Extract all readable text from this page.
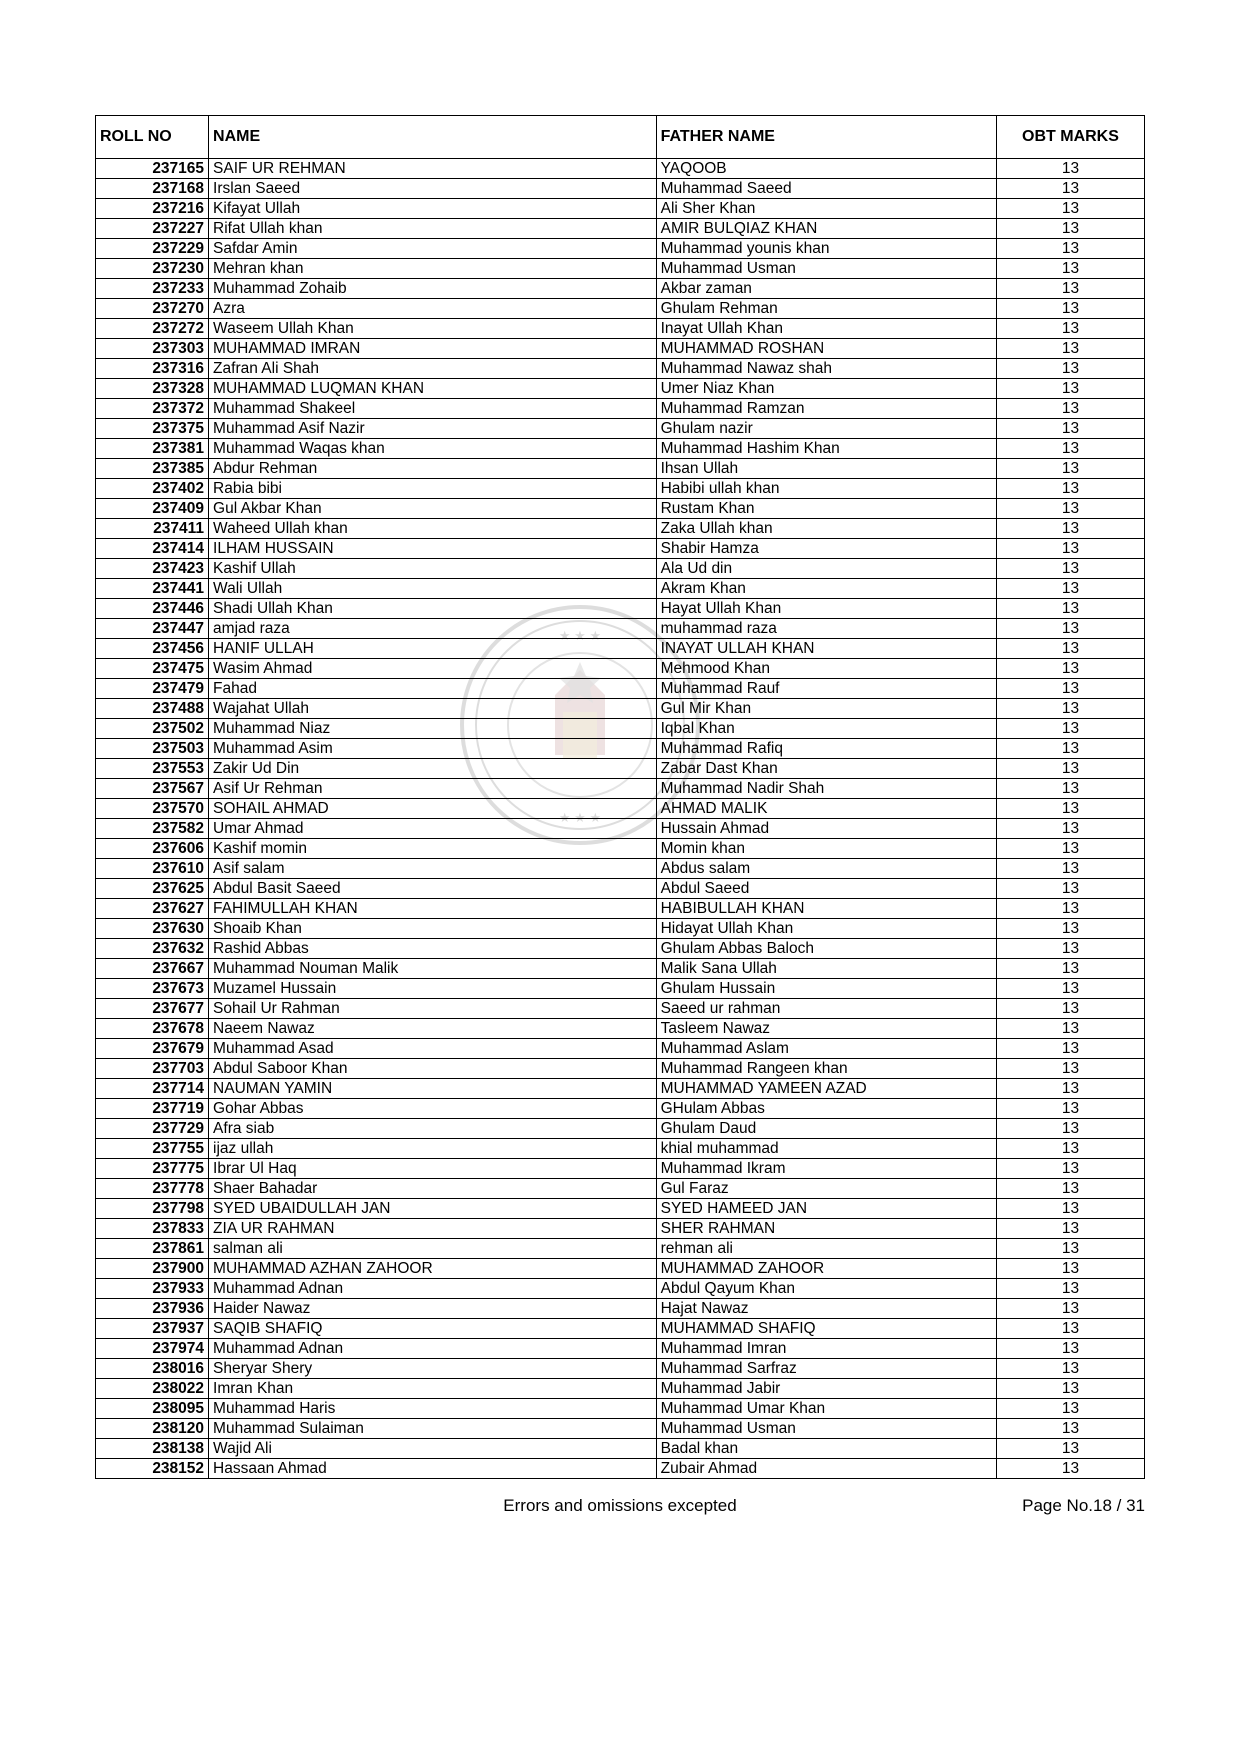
★ ★ ★
★ ★ ★
ROLL NO	NAME	FATHER NAME	OBT MARKS
237165	SAIF UR REHMAN	YAQOOB	13
237168	Irslan Saeed	Muhammad Saeed	13
237216	Kifayat Ullah	Ali Sher Khan	13
237227	Rifat Ullah khan	AMIR BULQIAZ KHAN	13
237229	Safdar Amin	Muhammad younis khan	13
237230	Mehran khan	Muhammad Usman	13
237233	Muhammad Zohaib	Akbar zaman	13
237270	Azra	Ghulam Rehman	13
237272	Waseem Ullah Khan	Inayat Ullah Khan	13
237303	MUHAMMAD IMRAN	MUHAMMAD ROSHAN	13
237316	Zafran Ali Shah	Muhammad Nawaz shah	13
237328	MUHAMMAD LUQMAN KHAN	Umer Niaz Khan	13
237372	Muhammad Shakeel	Muhammad Ramzan	13
237375	Muhammad Asif Nazir	Ghulam nazir	13
237381	Muhammad Waqas khan	Muhammad Hashim Khan	13
237385	Abdur Rehman	Ihsan Ullah	13
237402	Rabia bibi	Habibi ullah khan	13
237409	Gul Akbar Khan	Rustam Khan	13
237411	Waheed Ullah khan	Zaka Ullah khan	13
237414	ILHAM HUSSAIN	Shabir Hamza	13
237423	Kashif Ullah	Ala Ud din	13
237441	Wali Ullah	Akram Khan	13
237446	Shadi Ullah Khan	Hayat Ullah Khan	13
237447	amjad raza	muhammad raza	13
237456	HANIF ULLAH	INAYAT ULLAH KHAN	13
237475	Wasim Ahmad	Mehmood Khan	13
237479	Fahad	Muhammad Rauf	13
237488	Wajahat Ullah	Gul Mir Khan	13
237502	Muhammad Niaz	Iqbal Khan	13
237503	Muhammad Asim	Muhammad Rafiq	13
237553	Zakir Ud Din	Zabar Dast Khan	13
237567	Asif Ur Rehman	Muhammad Nadir Shah	13
237570	SOHAIL AHMAD	AHMAD MALIK	13
237582	Umar Ahmad	Hussain Ahmad	13
237606	Kashif momin	Momin khan	13
237610	Asif salam	Abdus salam	13
237625	Abdul Basit Saeed	Abdul Saeed	13
237627	FAHIMULLAH KHAN	HABIBULLAH KHAN	13
237630	Shoaib Khan	Hidayat Ullah Khan	13
237632	Rashid Abbas	Ghulam Abbas Baloch	13
237667	Muhammad Nouman Malik	Malik Sana Ullah	13
237673	Muzamel Hussain	Ghulam Hussain	13
237677	Sohail Ur Rahman	Saeed ur rahman	13
237678	Naeem Nawaz	Tasleem Nawaz	13
237679	Muhammad Asad	Muhammad Aslam	13
237703	Abdul Saboor Khan	Muhammad Rangeen khan	13
237714	NAUMAN YAMIN	MUHAMMAD YAMEEN AZAD	13
237719	Gohar Abbas	GHulam Abbas	13
237729	Afra siab	Ghulam Daud	13
237755	ijaz ullah	khial muhammad	13
237775	Ibrar Ul Haq	Muhammad Ikram	13
237778	Shaer Bahadar	Gul Faraz	13
237798	SYED UBAIDULLAH JAN	SYED HAMEED JAN	13
237833	ZIA UR RAHMAN	SHER RAHMAN	13
237861	salman ali	rehman ali	13
237900	MUHAMMAD AZHAN ZAHOOR	MUHAMMAD ZAHOOR	13
237933	Muhammad Adnan	Abdul Qayum Khan	13
237936	Haider Nawaz	Hajat Nawaz	13
237937	SAQIB SHAFIQ	MUHAMMAD SHAFIQ	13
237974	Muhammad Adnan	Muhammad Imran	13
238016	Sheryar Shery	Muhammad Sarfraz	13
238022	Imran Khan	Muhammad Jabir	13
238095	Muhammad Haris	Muhammad Umar Khan	13
238120	Muhammad Sulaiman	Muhammad Usman	13
238138	Wajid Ali	Badal khan	13
238152	Hassaan Ahmad	Zubair Ahmad	13
Errors and omissions excepted	Page No.18 / 31
